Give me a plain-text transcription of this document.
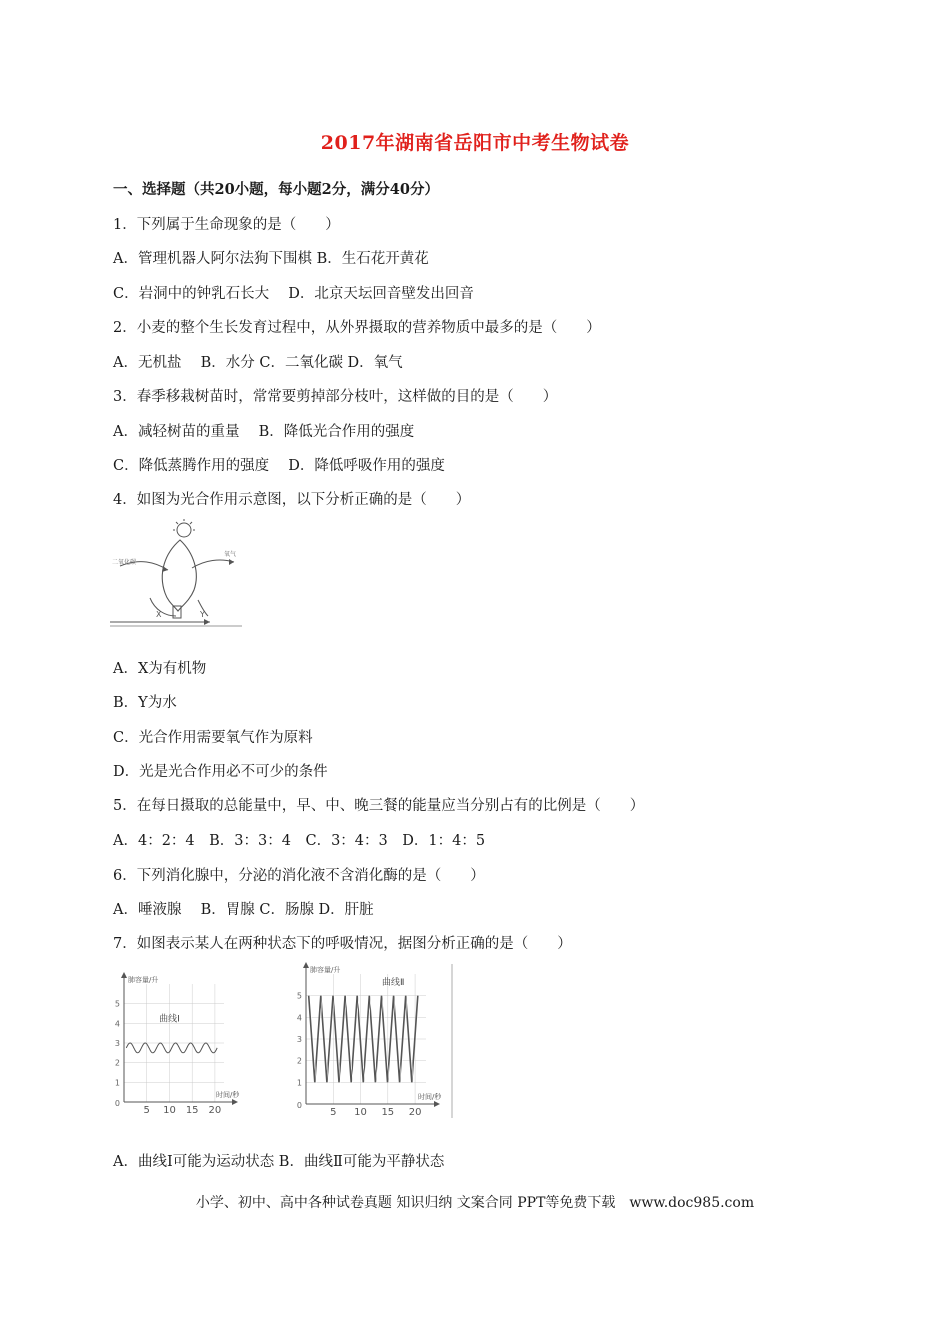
2017年湖南省岳阳市中考生物试卷
一、选择题（共20小题，每小题2分，满分40分）
1．下列属于生命现象的是（　　）
A．管理机器人阿尔法狗下围棋 B．生石花开黄花
C．岩洞中的钟乳石长大　 D．北京天坛回音壁发出回音
2．小麦的整个生长发育过程中，从外界摄取的营养物质中最多的是（　　）
A．无机盐　 B．水分 C．二氧化碳 D．氧气
3．春季移栽树苗时，常常要剪掉部分枝叶，这样做的目的是（　　）
A．减轻树苗的重量　 B．降低光合作用的强度
C．降低蒸腾作用的强度　 D．降低呼吸作用的强度
4．如图为光合作用示意图，以下分析正确的是（　　）
二氧化碳
氧气
X	Y
A．X为有机物
B．Y为水
C．光合作用需要氧气作为原料
D．光是光合作用必不可少的条件
5．在每日摄取的总能量中，早、中、晚三餐的能量应当分别占有的比例是（　　）
A．4：2：4　B．3：3：4　C．3：4：3　D．1：4：5
6．下列消化腺中，分泌的消化液不含消化酶的是（　　）
A．唾液腺　 B．胃腺 C．肠腺 D．肝脏
7．如图表示某人在两种状态下的呼吸情况，据图分析正确的是（　　）
5 10 15 20
1
2
3
4
5
0
肺容量/升
时间/秒
曲线Ⅰ
5 10 15 20
1
2
3
4
5
0
肺容量/升
时间/秒
曲线Ⅱ
A．曲线Ⅰ可能为运动状态 B．曲线Ⅱ可能为平静状态
小学、初中、高中各种试卷真题 知识归纳 文案合同 PPT等免费下载　www.doc985.com
